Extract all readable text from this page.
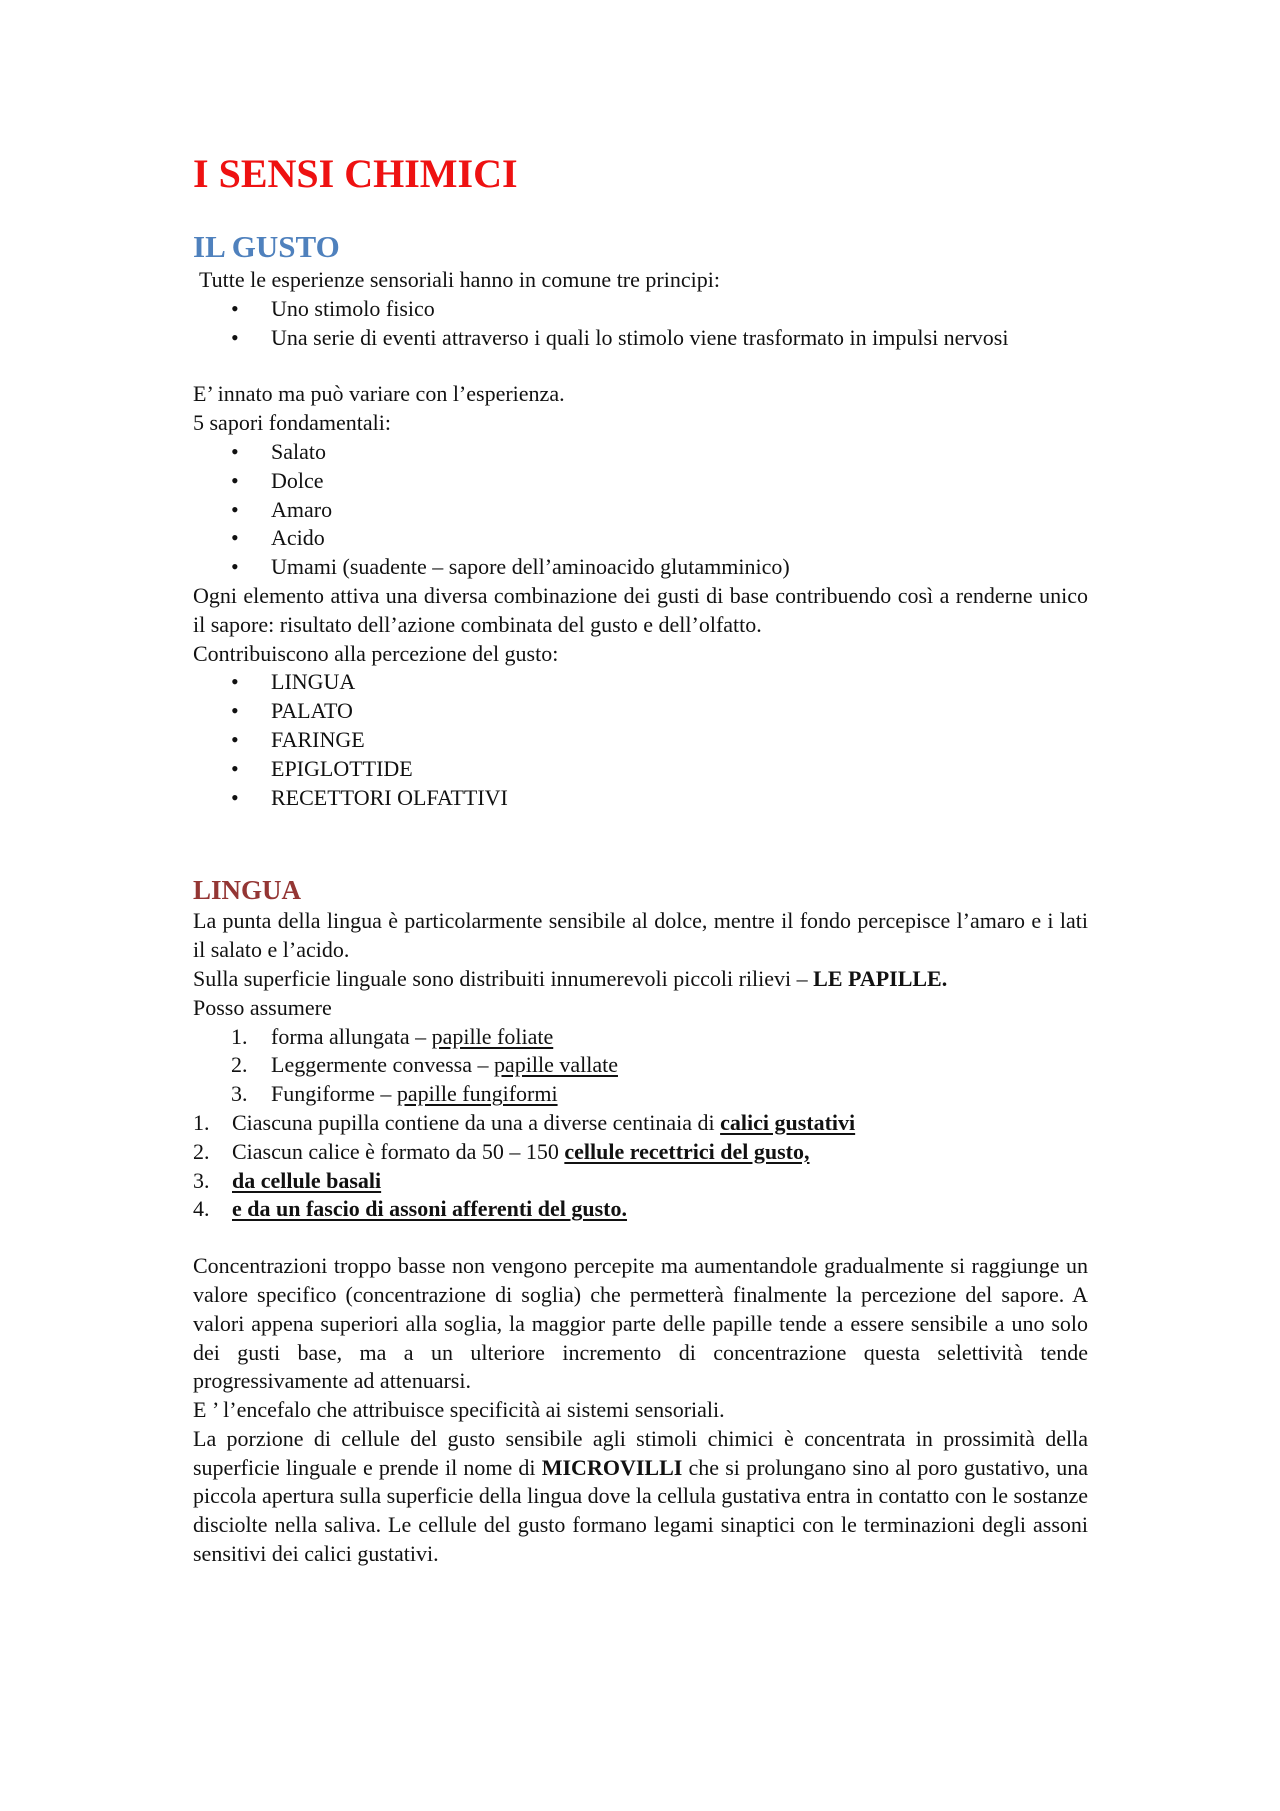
I SENSI CHIMICI
IL GUSTO

Tutte le esperienze sensoriali hanno in comune tre principi:

• Uno stimolo fisico
• Una serie di eventi attraverso i quali lo stimolo viene trasformato in impulsi nervosi

E’ innato ma può variare con l’esperienza.

5 sapori fondamentali:

• Salato
• Dolce
• Amaro
• Acido
• Umami (suadente – sapore dell’aminoacido glutamminico)

Ogni elemento attiva una diversa combinazione dei gusti di base contribuendo così a renderne unico il sapore: risultato dell’azione combinata del gusto e dell’olfatto.

Contribuiscono alla percezione del gusto:

• LINGUA
• PALATO
• FARINGE
• EPIGLOTTIDE
• RECETTORI OLFATTIVI
LINGUA

La punta della lingua è particolarmente sensibile al dolce, mentre il fondo percepisce l’amaro e i lati il salato e l’acido.

Sulla superficie linguale sono distribuiti innumerevoli piccoli rilievi – LE PAPILLE.

Posso assumere

1. forma allungata – papille foliate
2. Leggermente convessa – papille vallate
3. Fungiforme – papille fungiformi
1. Ciascuna pupilla contiene da una a diverse centinaia di calici gustativi
2. Ciascun calice è formato da 50 – 150 cellule recettrici del gusto,
3. da cellule basali
4. e da un fascio di assoni afferenti del gusto.

Concentrazioni troppo basse non vengono percepite ma aumentandole gradualmente si raggiunge un valore specifico (concentrazione di soglia) che permetterà finalmente la percezione del sapore. A valori appena superiori alla soglia, la maggior parte delle papille tende a essere sensibile a uno solo dei gusti base, ma a un ulteriore incremento di concentrazione questa selettività tende progressivamente ad attenuarsi.

E ’ l’encefalo che attribuisce specificità ai sistemi sensoriali.

La porzione di cellule del gusto sensibile agli stimoli chimici è concentrata in prossimità della superficie linguale e prende il nome di MICROVILLI che si prolungano sino al poro gustativo, una piccola apertura sulla superficie della lingua dove la cellula gustativa entra in contatto con le sostanze disciolte nella saliva. Le cellule del gusto formano legami sinaptici con le terminazioni degli assoni sensitivi dei calici gustativi.
